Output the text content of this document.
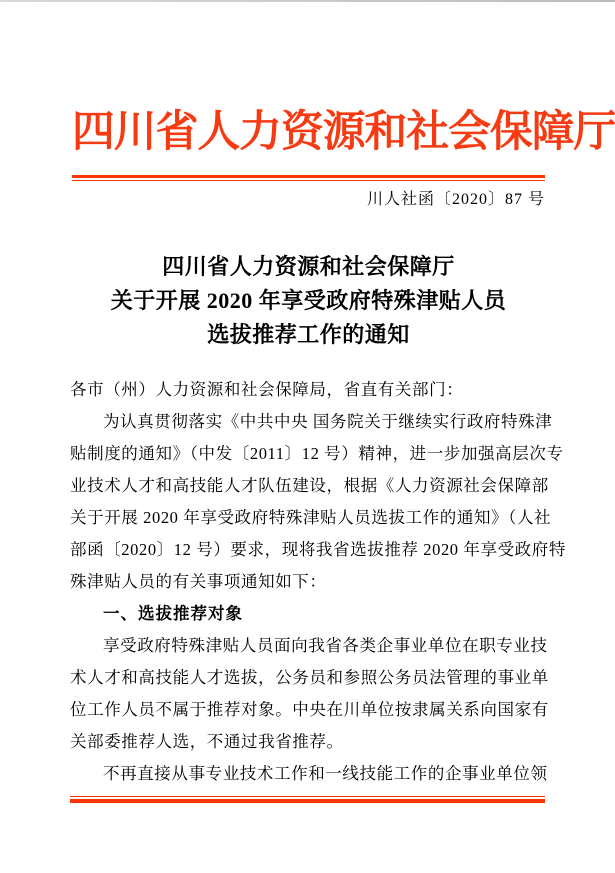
四川省人力资源和社会保障厅
川人社函〔2020〕87 号
四川省人力资源和社会保障厅
关于开展 2020 年享受政府特殊津贴人员
选拔推荐工作的通知
各市（州）人力资源和社会保障局，省直有关部门：
为认真贯彻落实《中共中央 国务院关于继续实行政府特殊津
贴制度的通知》（中发〔2011〕12 号）精神，进一步加强高层次专
业技术人才和高技能人才队伍建设，根据《人力资源社会保障部
关于开展 2020 年享受政府特殊津贴人员选拔工作的通知》（人社
部函〔2020〕12 号）要求，现将我省选拔推荐 2020 年享受政府特
殊津贴人员的有关事项通知如下：
一、选拔推荐对象
享受政府特殊津贴人员面向我省各类企事业单位在职专业技
术人才和高技能人才选拔，公务员和参照公务员法管理的事业单
位工作人员不属于推荐对象。中央在川单位按隶属关系向国家有
关部委推荐人选，不通过我省推荐。
不再直接从事专业技术工作和一线技能工作的企事业单位领
